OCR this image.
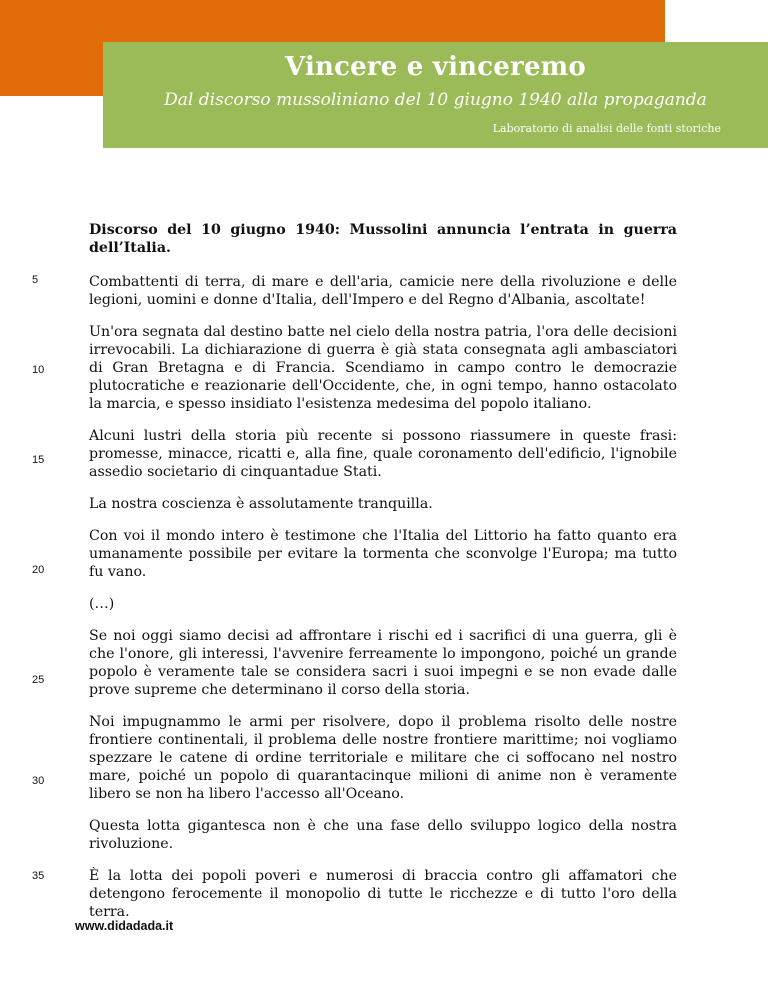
Vincere e vinceremo
Dal discorso mussoliniano del 10 giugno 1940 alla propaganda
Laboratorio di analisi delle fonti storiche

Discorso del 10 giugno 1940: Mussolini annuncia l’entrata in guerra dell’Italia.

Combattenti di terra, di mare e dell'aria, camicie nere della rivoluzione e delle legioni, uomini e donne d'Italia, dell'Impero e del Regno d'Albania, ascoltate!

Un'ora segnata dal destino batte nel cielo della nostra patria, l'ora delle decisioni irrevocabili. La dichiarazione di guerra è già stata consegnata agli ambasciatori di Gran Bretagna e di Francia. Scendiamo in campo contro le democrazie plutocratiche e reazionarie dell'Occidente, che, in ogni tempo, hanno ostacolato la marcia, e spesso insidiato l'esistenza medesima del popolo italiano.

Alcuni lustri della storia più recente si possono riassumere in queste frasi: promesse, minacce, ricatti e, alla fine, quale coronamento dell'edificio, l'ignobile assedio societario di cinquantadue Stati.

La nostra coscienza è assolutamente tranquilla.

Con voi il mondo intero è testimone che l'Italia del Littorio ha fatto quanto era umanamente possibile per evitare la tormenta che sconvolge l'Europa; ma tutto fu vano.

(…)

Se noi oggi siamo decisi ad affrontare i rischi ed i sacrifici di una guerra, gli è che l'onore, gli interessi, l'avvenire ferreamente lo impongono, poiché un grande popolo è veramente tale se considera sacri i suoi impegni e se non evade dalle prove supreme che determinano il corso della storia.

Noi impugnammo le armi per risolvere, dopo il problema risolto delle nostre frontiere continentali, il problema delle nostre frontiere marittime; noi vogliamo spezzare le catene di ordine territoriale e militare che ci soffocano nel nostro mare, poiché un popolo di quarantacinque milioni di anime non è veramente libero se non ha libero l'accesso all'Oceano.

Questa lotta gigantesca non è che una fase dello sviluppo logico della nostra rivoluzione.

È la lotta dei popoli poveri e numerosi di braccia contro gli affamatori che detengono ferocemente il monopolio di tutte le ricchezze e di tutto l'oro della terra.

5
10
15
20
25
30
35
www.didadada.it
